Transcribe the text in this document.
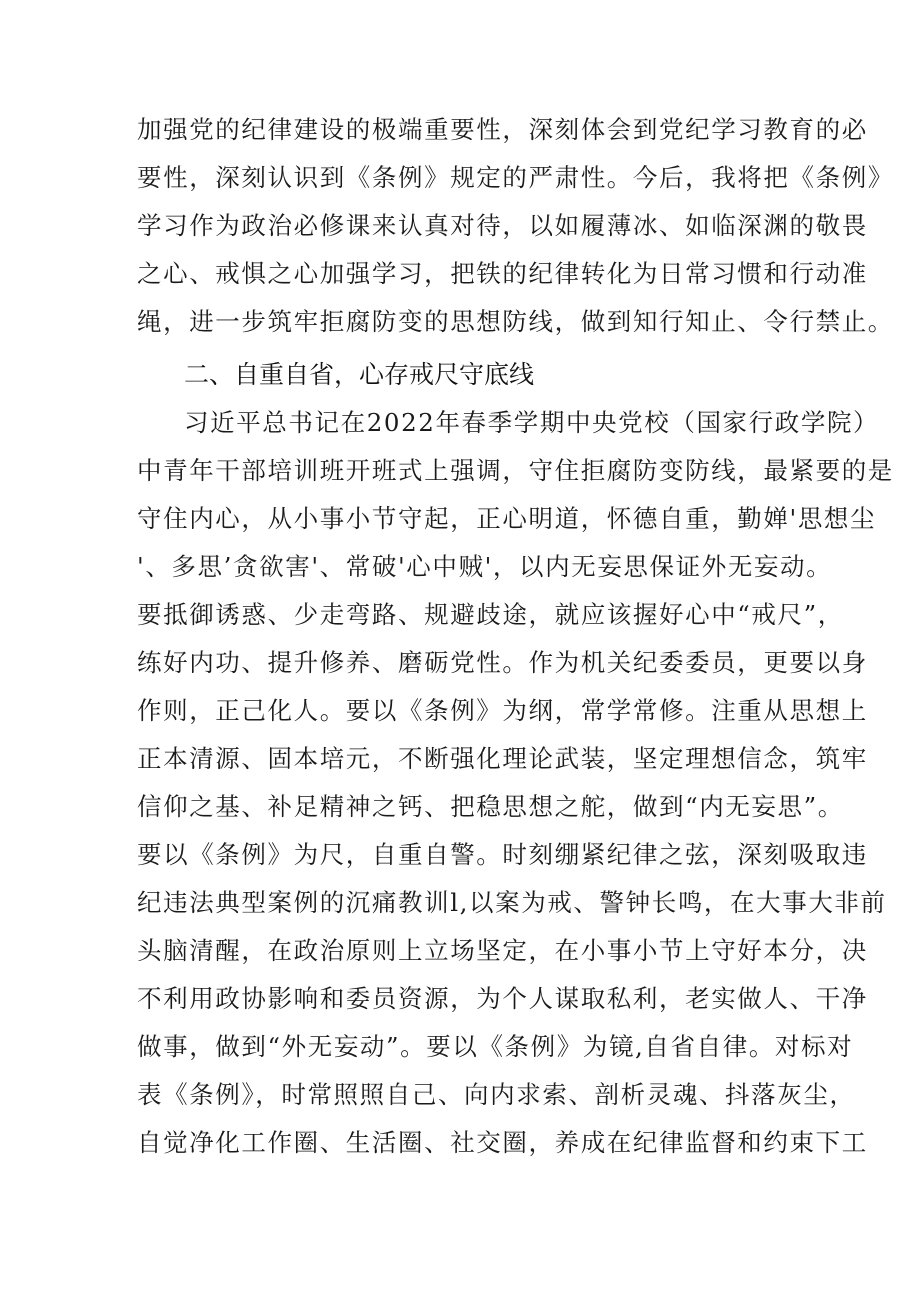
加强党的纪律建设的极端重要性，深刻体会到党纪学习教育的必
要性，深刻认识到《条例》规定的严肃性。今后，我将把《条例》
学习作为政治必修课来认真对待，以如履薄冰、如临深渊的敬畏
之心、戒惧之心加强学习，把铁的纪律转化为日常习惯和行动准
绳，进一步筑牢拒腐防变的思想防线，做到知行知止、令行禁止。
二、自重自省，心存戒尺守底线
习近平总书记在2022年春季学期中央党校（国家行政学院）
中青年干部培训班开班式上强调，守住拒腐防变防线，最紧要的是
守住内心，从小事小节守起，正心明道，怀德自重，勤婵'思想尘
'、多思’贪欲害'、常破'心中贼'，以内无妄思保证外无妄动。
要抵御诱惑、少走弯路、规避歧途，就应该握好心中“戒尺”，
练好内功、提升修养、磨砺党性。作为机关纪委委员，更要以身
作则，正己化人。要以《条例》为纲，常学常修。注重从思想上
正本清源、固本培元，不断强化理论武装，坚定理想信念，筑牢
信仰之基、补足精神之钙、把稳思想之舵，做到“内无妄思”。
要以《条例》为尺，自重自警。时刻绷紧纪律之弦，深刻吸取违
纪违法典型案例的沉痛教训l,以案为戒、警钟长鸣，在大事大非前
头脑清醒，在政治原则上立场坚定，在小事小节上守好本分，决
不利用政协影响和委员资源，为个人谋取私利，老实做人、干净
做事，做到“外无妄动”。要以《条例》为镜,自省自律。对标对
表《条例》，时常照照自己、向内求索、剖析灵魂、抖落灰尘，
自觉净化工作圈、生活圈、社交圈，养成在纪律监督和约束下工
